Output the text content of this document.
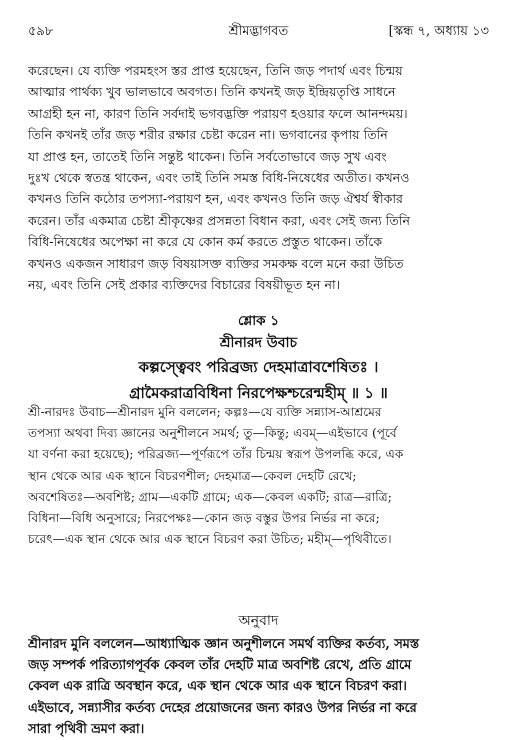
৫৯৮	শ্রীমদ্ভাগবত	[স্কন্ধ ৭, অধ্যায় ১৩
করেছেন। যে ব্যক্তি পরমহংস স্তর প্রাপ্ত হয়েছেন, তিনি জড় পদার্থ এবং চিন্ময়
আত্মার পার্থক্য খুব ভালভাবে অবগত। তিনি কখনই জড় ইন্দ্রিয়তৃপ্তি সাধনে
আগ্রহী হন না, কারণ তিনি সর্বদাই ভগবদ্ভক্তি পরায়ণ হওয়ার ফলে আনন্দময়।
তিনি কখনই তাঁর জড় শরীর রক্ষার চেষ্টা করেন না। ভগবানের কৃপায় তিনি
যা প্রাপ্ত হন, তাতেই তিনি সন্তুষ্ট থাকেন। তিনি সর্বতোভাবে জড় সুখ এবং
দুঃখ থেকে স্বতন্ত্র থাকেন, এবং তাই তিনি সমস্ত বিধি-নিষেধের অতীত। কখনও
কখনও তিনি কঠোর তপস্যা-পরায়ণ হন, এবং কখনও তিনি জড় ঐশ্বর্য স্বীকার
করেন। তাঁর একমাত্র চেষ্টা শ্রীকৃষ্ণের প্রসন্নতা বিধান করা, এবং সেই জন্য তিনি
বিধি-নিষেধের অপেক্ষা না করে যে কোন কর্ম করতে প্রস্তুত থাকেন। তাঁকে
কখনও একজন সাধারণ জড় বিষয়াসক্ত ব্যক্তির সমকক্ষ বলে মনে করা উচিত
নয়, এবং তিনি সেই প্রকার ব্যক্তিদের বিচারের বিষয়ীভূত হন না।
শ্লোক ১
শ্রীনারদ উবাচ
কল্পস্ত্বেবং পরিব্রজ্য দেহমাত্রাবশেষিতঃ ।
গ্রামৈকরাত্রবিধিনা নিরপেক্ষশ্চরেন্মহীম্ ॥ ১ ॥
শ্রী-নারদঃ উবাচ—শ্রীনারদ মুনি বললেন; কল্পঃ—যে ব্যক্তি সন্ন্যাস-আশ্রমের
তপস্যা অথবা দিব্য জ্ঞানের অনুশীলনে সমর্থ; তু—কিন্তু; এবম্—এইভাবে (পূর্বে
যা বর্ণনা করা হয়েছে); পরিব্রজ্য—পূর্ণরূপে তাঁর চিন্ময় স্বরূপ উপলব্ধি করে, এক
স্থান থেকে আর এক স্থানে বিচরণশীল; দেহমাত্র—কেবল দেহটি রেখে;
অবশেষিতঃ—অবশিষ্ট; গ্রাম—একটি গ্রামে; এক—কেবল একটি; রাত্র—রাত্রি;
বিধিনা—বিধি অনুসারে; নিরপেক্ষঃ—কোন জড় বস্তুর উপর নির্ভর না করে;
চরেৎ—এক স্থান থেকে আর এক স্থানে বিচরণ করা উচিত; মহীম্—পৃথিবীতে।
অনুবাদ
শ্রীনারদ মুনি বললেন—আধ্যাত্মিক জ্ঞান অনুশীলনে সমর্থ ব্যক্তির কর্তব্য, সমস্ত
জড় সম্পর্ক পরিত্যাগপূর্বক কেবল তাঁর দেহটি মাত্র অবশিষ্ট রেখে, প্রতি গ্রামে
কেবল এক রাত্রি অবস্থান করে, এক স্থান থেকে আর এক স্থানে বিচরণ করা।
এইভাবে, সন্ন্যাসীর কর্তব্য দেহের প্রয়োজনের জন্য কারও উপর নির্ভর না করে
সারা পৃথিবী ভ্রমণ করা।
